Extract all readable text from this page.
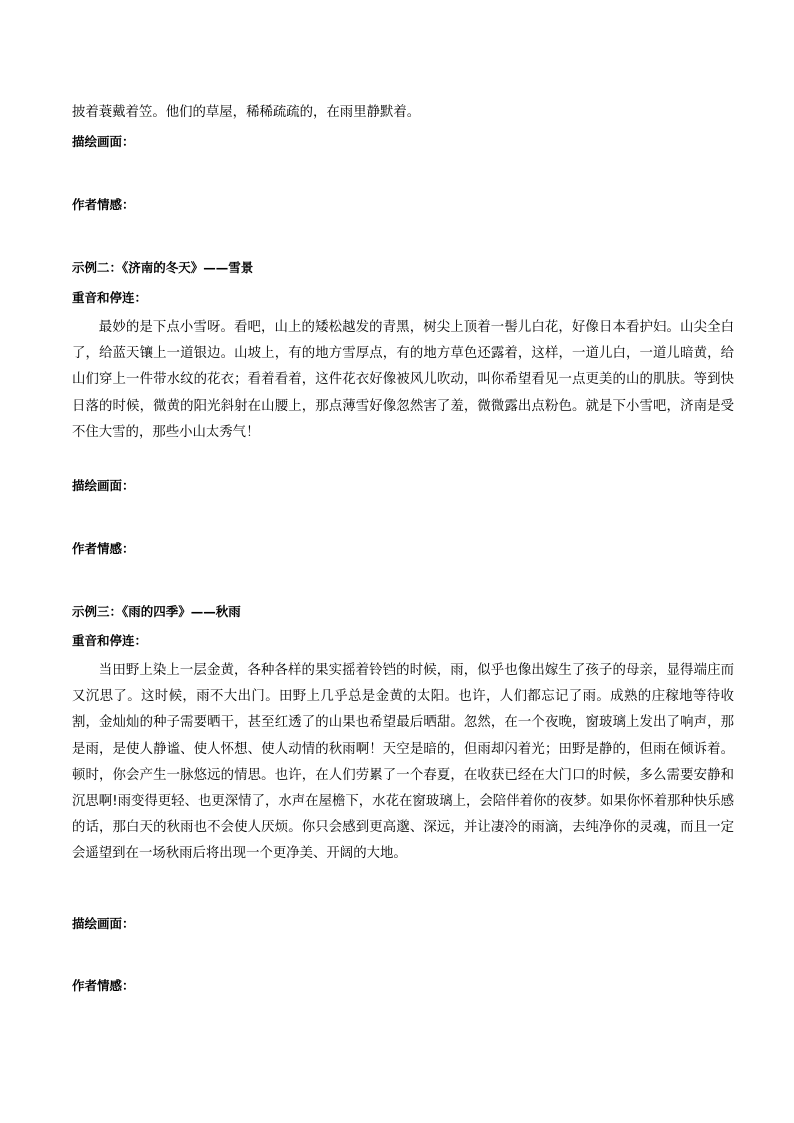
披着蓑戴着笠。他们的草屋，稀稀疏疏的，在雨里静默着。
描绘画面：
作者情感：
示例二：《济南的冬天》——雪景
重音和停连：
最妙的是下点小雪呀。看吧，山上的矮松越发的青黑，树尖上顶着一髻儿白花，好像日本看护妇。山尖全白了，给蓝天镶上一道银边。山坡上，有的地方雪厚点，有的地方草色还露着，这样，一道儿白，一道儿暗黄，给山们穿上一件带水纹的花衣；看着看着，这件花衣好像被风儿吹动，叫你希望看见一点更美的山的肌肤。等到快日落的时候，微黄的阳光斜射在山腰上，那点薄雪好像忽然害了羞，微微露出点粉色。就是下小雪吧，济南是受不住大雪的，那些小山太秀气！
描绘画面：
作者情感：
示例三：《雨的四季》——秋雨
重音和停连：
当田野上染上一层金黄，各种各样的果实摇着铃铛的时候，雨，似乎也像出嫁生了孩子的母亲，显得端庄而又沉思了。这时候，雨不大出门。田野上几乎总是金黄的太阳。也许，人们都忘记了雨。成熟的庄稼地等待收割，金灿灿的种子需要晒干，甚至红透了的山果也希望最后晒甜。忽然，在一个夜晚，窗玻璃上发出了响声，那是雨，是使人静谧、使人怀想、使人动情的秋雨啊！天空是暗的，但雨却闪着光；田野是静的，但雨在倾诉着。顿时，你会产生一脉悠远的情思。也许，在人们劳累了一个春夏，在收获已经在大门口的时候，多么需要安静和沉思啊!雨变得更轻、也更深情了，水声在屋檐下，水花在窗玻璃上，会陪伴着你的夜梦。如果你怀着那种快乐感的话，那白天的秋雨也不会使人厌烦。你只会感到更高邈、深远，并让凄冷的雨滴，去纯净你的灵魂，而且一定会遥望到在一场秋雨后将出现一个更净美、开阔的大地。
描绘画面：
作者情感：
